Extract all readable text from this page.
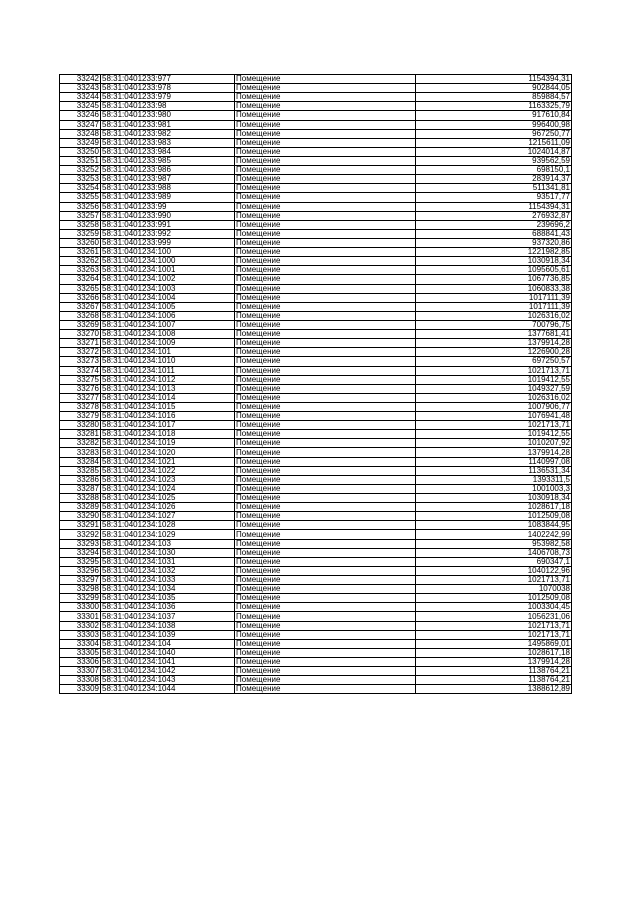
33242	58:31:0401233:977	Помещение	1154394,31
33243	58:31:0401233:978	Помещение	902844,05
33244	58:31:0401233:979	Помещение	859884,57
33245	58:31:0401233:98	Помещение	1163325,79
33246	58:31:0401233:980	Помещение	917610,84
33247	58:31:0401233:981	Помещение	996400,98
33248	58:31:0401233:982	Помещение	967250,77
33249	58:31:0401233:983	Помещение	1215611,09
33250	58:31:0401233:984	Помещение	1024014,87
33251	58:31:0401233:985	Помещение	939562,59
33252	58:31:0401233:986	Помещение	698150,1
33253	58:31:0401233:987	Помещение	283914,37
33254	58:31:0401233:988	Помещение	511341,81
33255	58:31:0401233:989	Помещение	93517,77
33256	58:31:0401233:99	Помещение	1154394,31
33257	58:31:0401233:990	Помещение	276932,87
33258	58:31:0401233:991	Помещение	239696,2
33259	58:31:0401233:992	Помещение	688841,43
33260	58:31:0401233:999	Помещение	937320,86
33261	58:31:0401234:100	Помещение	1221982,85
33262	58:31:0401234:1000	Помещение	1030918,34
33263	58:31:0401234:1001	Помещение	1095605,61
33264	58:31:0401234:1002	Помещение	1067736,85
33265	58:31:0401234:1003	Помещение	1060833,38
33266	58:31:0401234:1004	Помещение	1017111,39
33267	58:31:0401234:1005	Помещение	1017111,39
33268	58:31:0401234:1006	Помещение	1026316,02
33269	58:31:0401234:1007	Помещение	700796,75
33270	58:31:0401234:1008	Помещение	1377681,41
33271	58:31:0401234:1009	Помещение	1379914,28
33272	58:31:0401234:101	Помещение	1226900,28
33273	58:31:0401234:1010	Помещение	697250,57
33274	58:31:0401234:1011	Помещение	1021713,71
33275	58:31:0401234:1012	Помещение	1019412,55
33276	58:31:0401234:1013	Помещение	1049327,59
33277	58:31:0401234:1014	Помещение	1026316,02
33278	58:31:0401234:1015	Помещение	1007906,77
33279	58:31:0401234:1016	Помещение	1076941,48
33280	58:31:0401234:1017	Помещение	1021713,71
33281	58:31:0401234:1018	Помещение	1019412,55
33282	58:31:0401234:1019	Помещение	1010207,92
33283	58:31:0401234:1020	Помещение	1379914,28
33284	58:31:0401234:1021	Помещение	1140997,08
33285	58:31:0401234:1022	Помещение	1136531,34
33286	58:31:0401234:1023	Помещение	1393311,5
33287	58:31:0401234:1024	Помещение	1001003,3
33288	58:31:0401234:1025	Помещение	1030918,34
33289	58:31:0401234:1026	Помещение	1028617,18
33290	58:31:0401234:1027	Помещение	1012509,08
33291	58:31:0401234:1028	Помещение	1083844,95
33292	58:31:0401234:1029	Помещение	1402242,99
33293	58:31:0401234:103	Помещение	953982,58
33294	58:31:0401234:1030	Помещение	1406708,73
33295	58:31:0401234:1031	Помещение	690347,1
33296	58:31:0401234:1032	Помещение	1040122,96
33297	58:31:0401234:1033	Помещение	1021713,71
33298	58:31:0401234:1034	Помещение	1070038
33299	58:31:0401234:1035	Помещение	1012509,08
33300	58:31:0401234:1036	Помещение	1003304,45
33301	58:31:0401234:1037	Помещение	1056231,06
33302	58:31:0401234:1038	Помещение	1021713,71
33303	58:31:0401234:1039	Помещение	1021713,71
33304	58:31:0401234:104	Помещение	1495869,01
33305	58:31:0401234:1040	Помещение	1028617,18
33306	58:31:0401234:1041	Помещение	1379914,28
33307	58:31:0401234:1042	Помещение	1138764,21
33308	58:31:0401234:1043	Помещение	1138764,21
33309	58:31:0401234:1044	Помещение	1388612,89
